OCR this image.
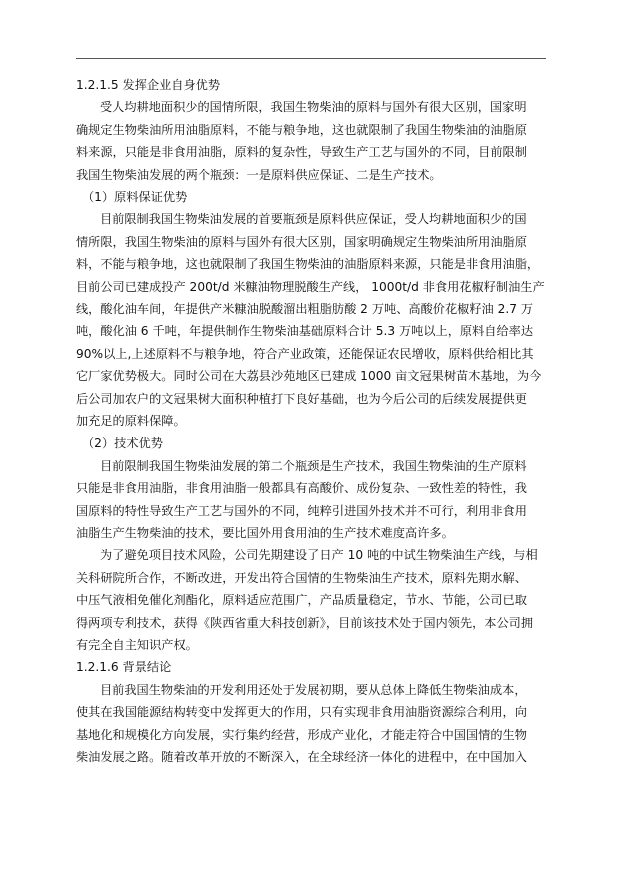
1.2.1.5 发挥企业自身优势
受人均耕地面积少的国情所限，我国生物柴油的原料与国外有很大区别，国家明
确规定生物柴油所用油脂原料，不能与粮争地，这也就限制了我国生物柴油的油脂原
料来源，只能是非食用油脂，原料的复杂性，导致生产工艺与国外的不同，目前限制
我国生物柴油发展的两个瓶颈：一是原料供应保证、二是生产技术。
（1）原料保证优势
目前限制我国生物柴油发展的首要瓶颈是原料供应保证，受人均耕地面积少的国
情所限，我国生物柴油的原料与国外有很大区别，国家明确规定生物柴油所用油脂原
料，不能与粮争地，这也就限制了我国生物柴油的油脂原料来源，只能是非食用油脂，
目前公司已建成投产 200t/d 米糠油物理脱酸生产线， 1000t/d 非食用花椒籽制油生产
线，酸化油车间，年提供产米糠油脱酸溜出粗脂肪酸 2 万吨、高酸价花椒籽油 2.7 万
吨，酸化油 6 千吨，年提供制作生物柴油基础原料合计 5.3 万吨以上，原料自给率达
90%以上,上述原料不与粮争地，符合产业政策，还能保证农民增收，原料供给相比其
它厂家优势极大。同时公司在大荔县沙苑地区已建成 1000 亩文冠果树苗木基地，为今
后公司加农户的文冠果树大面积种植打下良好基础，也为今后公司的后续发展提供更
加充足的原料保障。
（2）技术优势
目前限制我国生物柴油发展的第二个瓶颈是生产技术，我国生物柴油的生产原料
只能是非食用油脂，非食用油脂一般都具有高酸价、成份复杂、一致性差的特性，我
国原料的特性导致生产工艺与国外的不同，纯粹引进国外技术并不可行，利用非食用
油脂生产生物柴油的技术，要比国外用食用油的生产技术难度高许多。
为了避免项目技术风险，公司先期建设了日产 10 吨的中试生物柴油生产线，与相
关科研院所合作，不断改进，开发出符合国情的生物柴油生产技术，原料先期水解、
中压气液相免催化剂酯化，原料适应范围广，产品质量稳定，节水、节能，公司已取
得两项专利技术，获得《陕西省重大科技创新》，目前该技术处于国内领先，本公司拥
有完全自主知识产权。
1.2.1.6 背景结论
目前我国生物柴油的开发利用还处于发展初期，要从总体上降低生物柴油成本，
使其在我国能源结构转变中发挥更大的作用，只有实现非食用油脂资源综合利用，向
基地化和规模化方向发展，实行集约经营，形成产业化，才能走符合中国国情的生物
柴油发展之路。随着改革开放的不断深入，在全球经济一体化的进程中，在中国加入
